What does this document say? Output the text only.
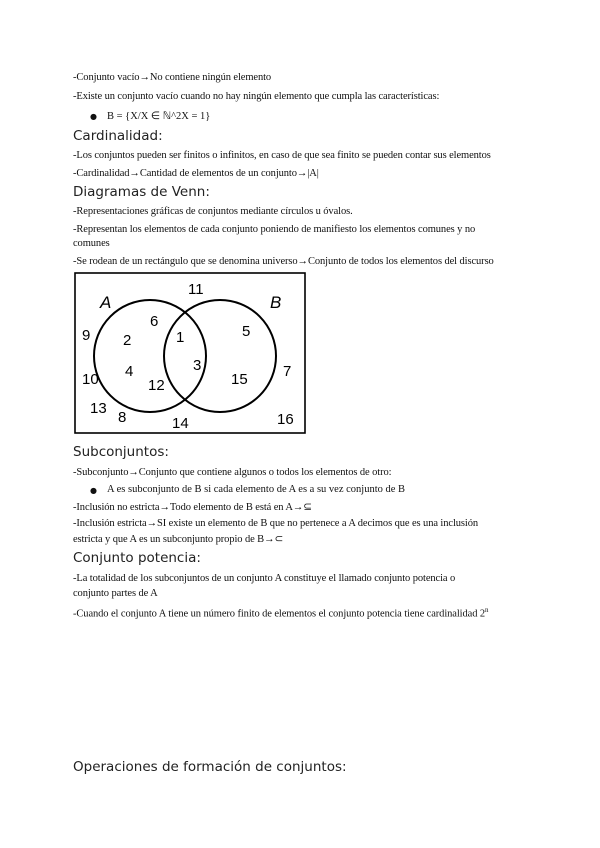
-Conjunto vacío→No contiene ningún elemento
-Existe un conjunto vacío cuando no hay ningún elemento que cumpla las características:
● B = {X/X ∈ ℕ^2X = 1}
Cardinalidad:
-Los conjuntos pueden ser finitos o infinitos, en caso de que sea finito se pueden contar sus elementos
-Cardinalidad→Cantidad de elementos de un conjunto→|A|
Diagramas de Venn:
-Representaciones gráficas de conjuntos mediante círculos u óvalos.
-Representan los elementos de cada conjunto poniendo de manifiesto los elementos comunes y no
comunes
-Se rodean de un rectángulo que se denomina universo→Conjunto de todos los elementos del discurso
A	B
11
9
6
2	1
3
5
7
10 4
12	15
13
8	14	16
Subconjuntos:
-Subconjunto→Conjunto que contiene algunos o todos los elementos de otro:
● A es subconjunto de B si cada elemento de A es a su vez conjunto de B
-Inclusión no estricta→Todo elemento de B está en A→⊆
-Inclusión estricta→SI existe un elemento de B que no pertenece a A decimos que es una inclusión
estricta y que A es un subconjunto propio de B→⊂
Conjunto potencia:
-La totalidad de los subconjuntos de un conjunto A constituye el llamado conjunto potencia o
conjunto partes de A
-Cuando el conjunto A tiene un número finito de elementos el conjunto potencia tiene cardinalidad 2$^n$
Operaciones de formación de conjuntos:
